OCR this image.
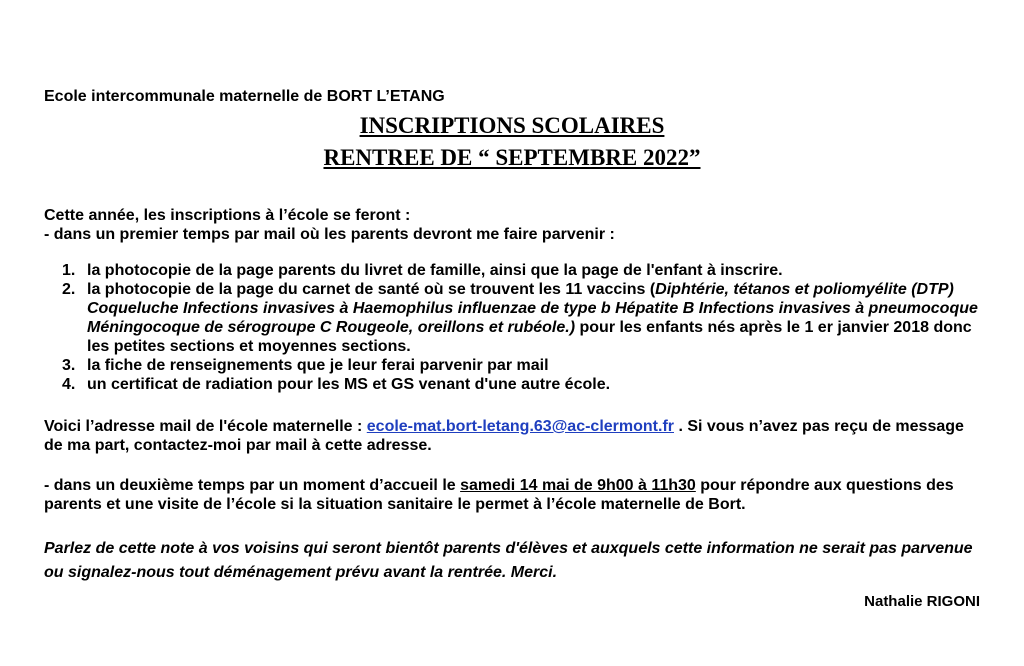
Ecole intercommunale maternelle de BORT L’ETANG
INSCRIPTIONS SCOLAIRES
RENTREE DE “ SEPTEMBRE 2022”
Cette année, les inscriptions à l’école se feront :
- dans un premier temps par mail où les parents devront me faire parvenir :
1. la photocopie de la page parents du livret de famille, ainsi que la page de l'enfant à inscrire.
2. la photocopie de la page du carnet de santé où se trouvent les 11 vaccins (Diphtérie, tétanos et poliomyélite (DTP) Coqueluche Infections invasives à Haemophilus influenzae de type b Hépatite B Infections invasives à pneumocoque Méningocoque de sérogroupe C Rougeole, oreillons et rubéole.) pour les enfants nés après le 1 er janvier 2018 donc les petites sections et moyennes sections.
3. la fiche de renseignements que je leur ferai parvenir par mail
4. un certificat de radiation pour les MS et GS venant d'une autre école.
Voici l’adresse mail de l'école maternelle : ecole-mat.bort-letang.63@ac-clermont.fr . Si vous n’avez pas reçu de message de ma part, contactez-moi par mail à cette adresse.
- dans un deuxième temps par un moment d’accueil le samedi 14 mai de 9h00 à 11h30 pour répondre aux questions des parents et une visite de l’école si la situation sanitaire le permet à l’école maternelle de Bort.
Parlez de cette note à vos voisins qui seront bientôt parents d'élèves et auxquels cette information ne serait pas parvenue ou signalez-nous tout déménagement prévu avant la rentrée. Merci.
Nathalie RIGONI
